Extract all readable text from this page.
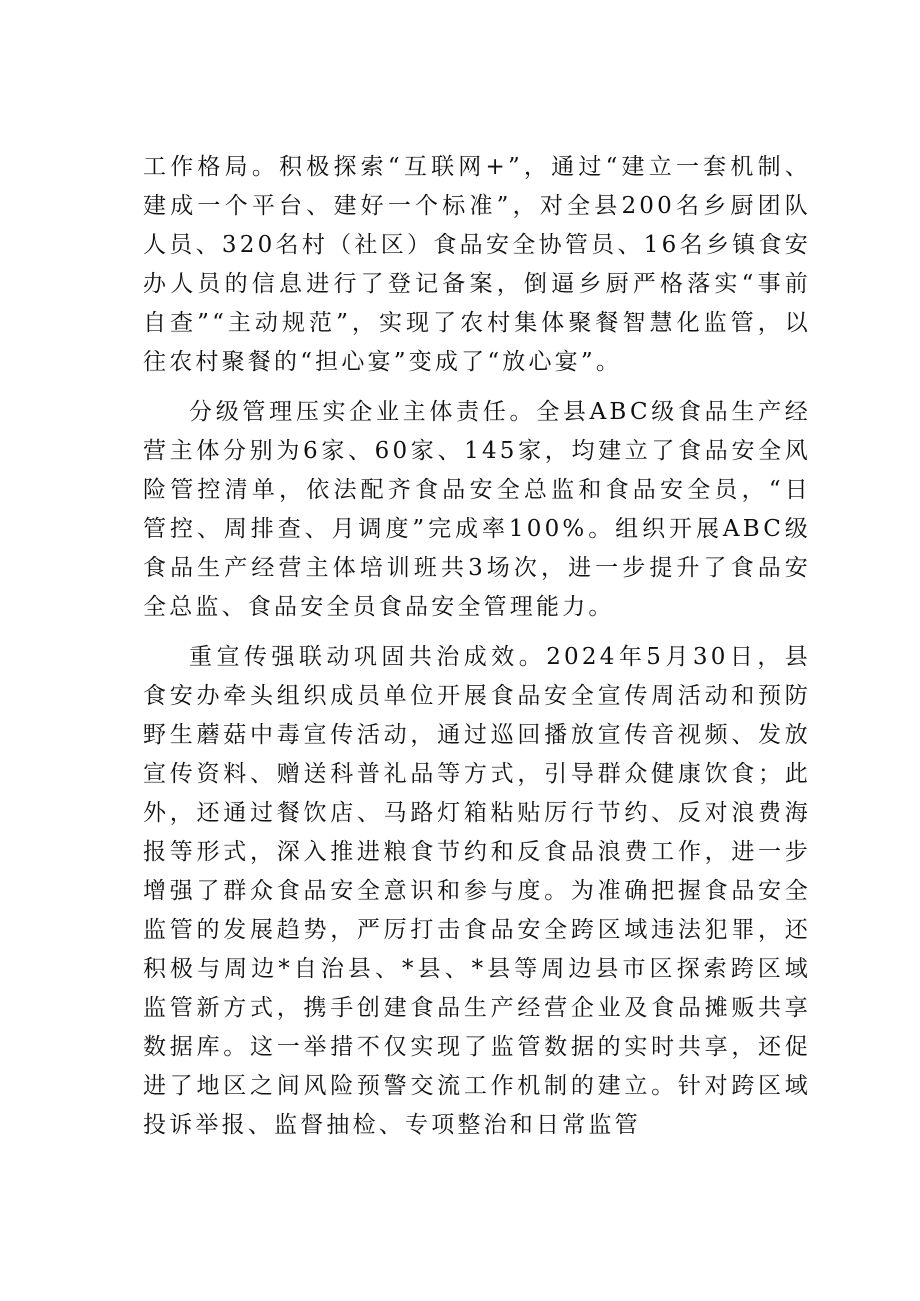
工作格局。积极探索“互联网+”，通过“建立一套机制、建成一个平台、建好一个标准”，对全县200名乡厨团队人员、320名村（社区）食品安全协管员、16名乡镇食安办人员的信息进行了登记备案，倒逼乡厨严格落实“事前自查”“主动规范”，实现了农村集体聚餐智慧化监管，以往农村聚餐的“担心宴”变成了“放心宴”。

分级管理压实企业主体责任。全县ABC级食品生产经营主体分别为6家、60家、145家，均建立了食品安全风险管控清单，依法配齐食品安全总监和食品安全员，“日管控、周排查、月调度”完成率100%。组织开展ABC级食品生产经营主体培训班共3场次，进一步提升了食品安全总监、食品安全员食品安全管理能力。

重宣传强联动巩固共治成效。2024年5月30日，县食安办牵头组织成员单位开展食品安全宣传周活动和预防野生蘑菇中毒宣传活动，通过巡回播放宣传音视频、发放宣传资料、赠送科普礼品等方式，引导群众健康饮食；此外，还通过餐饮店、马路灯箱粘贴厉行节约、反对浪费海报等形式，深入推进粮食节约和反食品浪费工作，进一步增强了群众食品安全意识和参与度。为准确把握食品安全监管的发展趋势，严厉打击食品安全跨区域违法犯罪，还积极与周边*自治县、*县、*县等周边县市区探索跨区域监管新方式，携手创建食品生产经营企业及食品摊贩共享数据库。这一举措不仅实现了监管数据的实时共享，还促进了地区之间风险预警交流工作机制的建立。针对跨区域投诉举报、监督抽检、专项整治和日常监管
